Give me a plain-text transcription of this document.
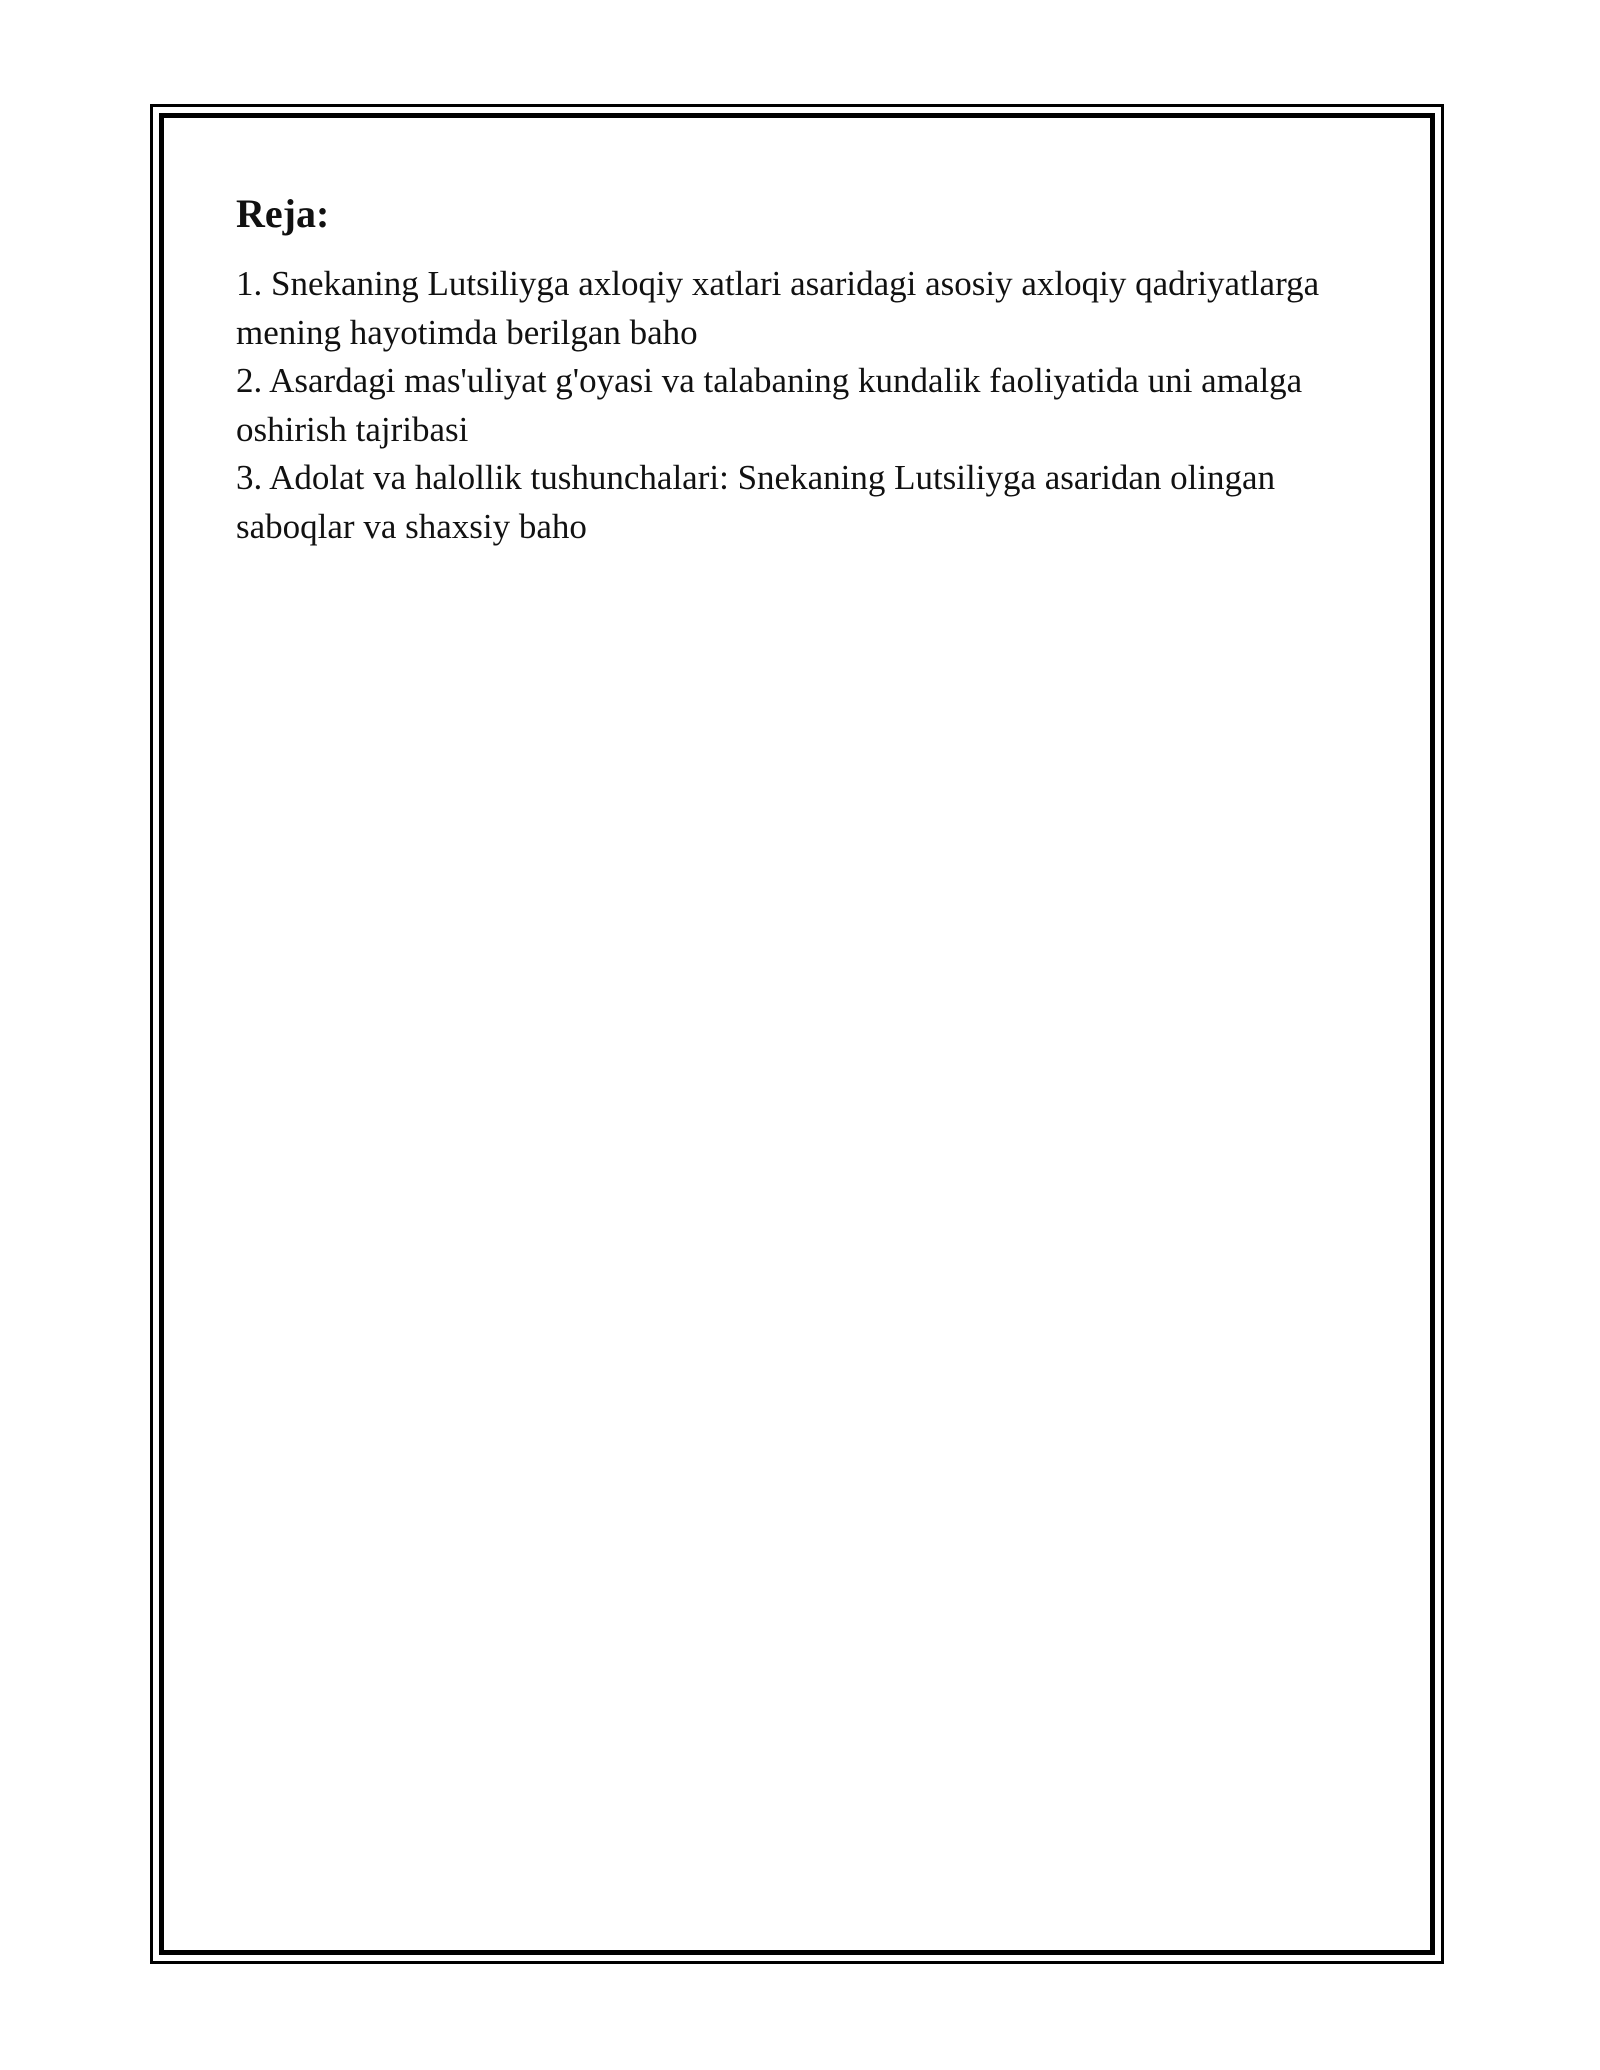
Reja:
1. Snekaning Lutsiliyga axloqiy xatlari asaridagi asosiy axloqiy qadriyatlarga mening hayotimda berilgan baho
2. Asardagi mas'uliyat g'oyasi va talabaning kundalik faoliyatida uni amalga oshirish tajribasi
3. Adolat va halollik tushunchalari: Snekaning Lutsiliyga asaridan olingan saboqlar va shaxsiy baho
